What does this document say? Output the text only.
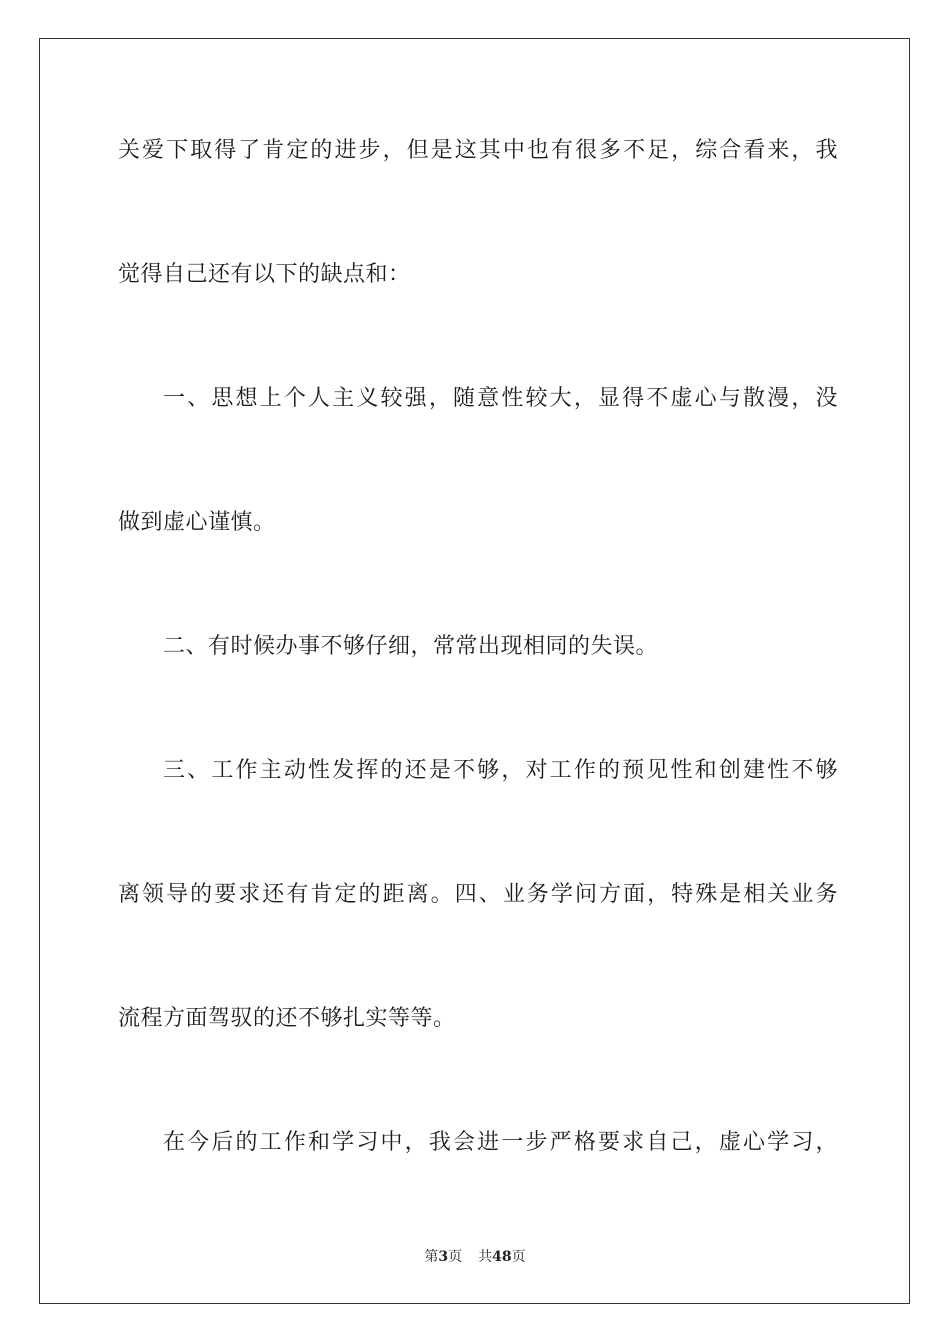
关爱下取得了肯定的进步，但是这其中也有很多不足，综合看来，我
觉得自己还有以下的缺点和：
一、思想上个人主义较强，随意性较大，显得不虚心与散漫，没
做到虚心谨慎。
二、有时候办事不够仔细，常常出现相同的失误。
三、工作主动性发挥的还是不够，对工作的预见性和创建性不够
离领导的要求还有肯定的距离。四、业务学问方面，特殊是相关业务
流程方面驾驭的还不够扎实等等。
在今后的工作和学习中，我会进一步严格要求自己，虚心学习，
第3页 共48页
